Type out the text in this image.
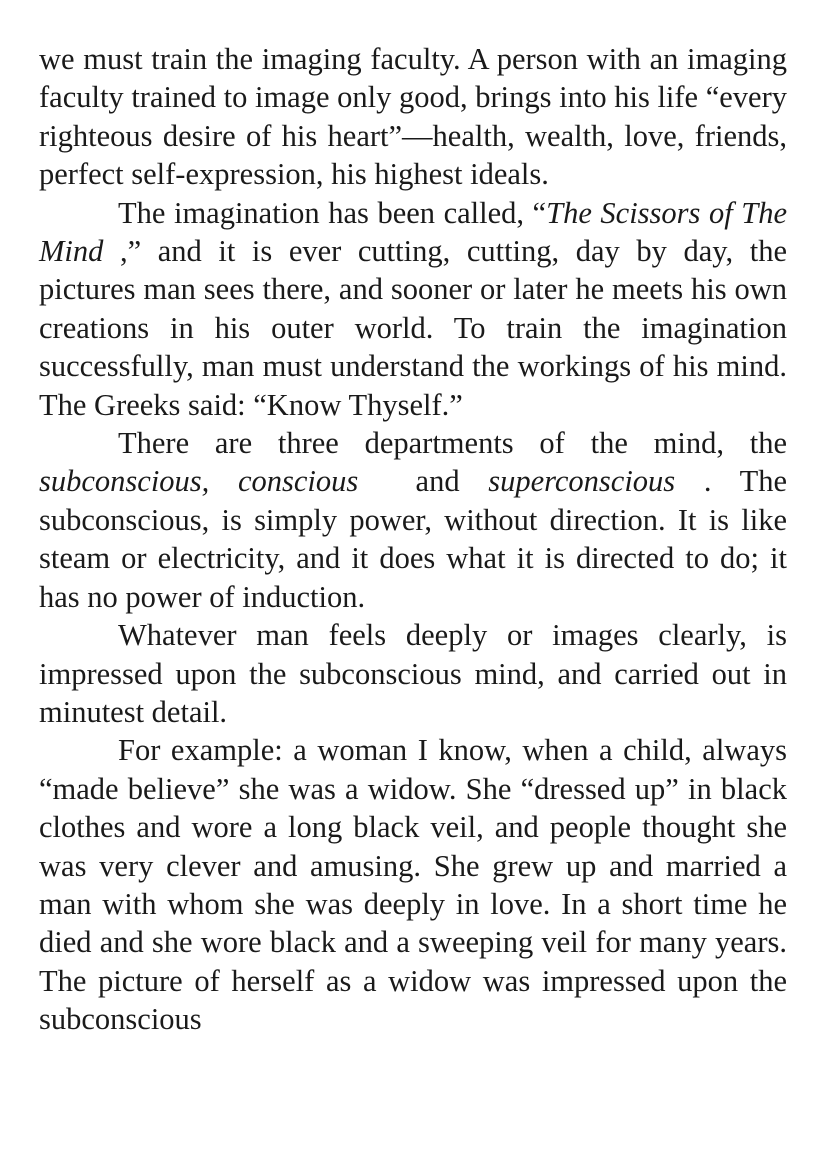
we must train the imaging faculty. A person with an imaging faculty trained to image only good, brings into his life “every righteous desire of his heart”—health, wealth, love, friends, perfect self-expression, his highest ideals.

The imagination has been called, “The Scissors of The Mind ,” and it is ever cutting, cutting, day by day, the pictures man sees there, and sooner or later he meets his own creations in his outer world. To train the imagination successfully, man must understand the workings of his mind. The Greeks said: “Know Thyself.”

There are three departments of the mind, the subconscious, conscious  and superconscious . The subconscious, is simply power, without direction. It is like steam or electricity, and it does what it is directed to do; it has no power of induction.

Whatever man feels deeply or images clearly, is impressed upon the subconscious mind, and carried out in minutest detail.

For example: a woman I know, when a child, always “made believe” she was a widow. She “dressed up” in black clothes and wore a long black veil, and people thought she was very clever and amusing. She grew up and married a man with whom she was deeply in love. In a short time he died and she wore black and a sweeping veil for many years. The picture of herself as a widow was impressed upon the subconscious
